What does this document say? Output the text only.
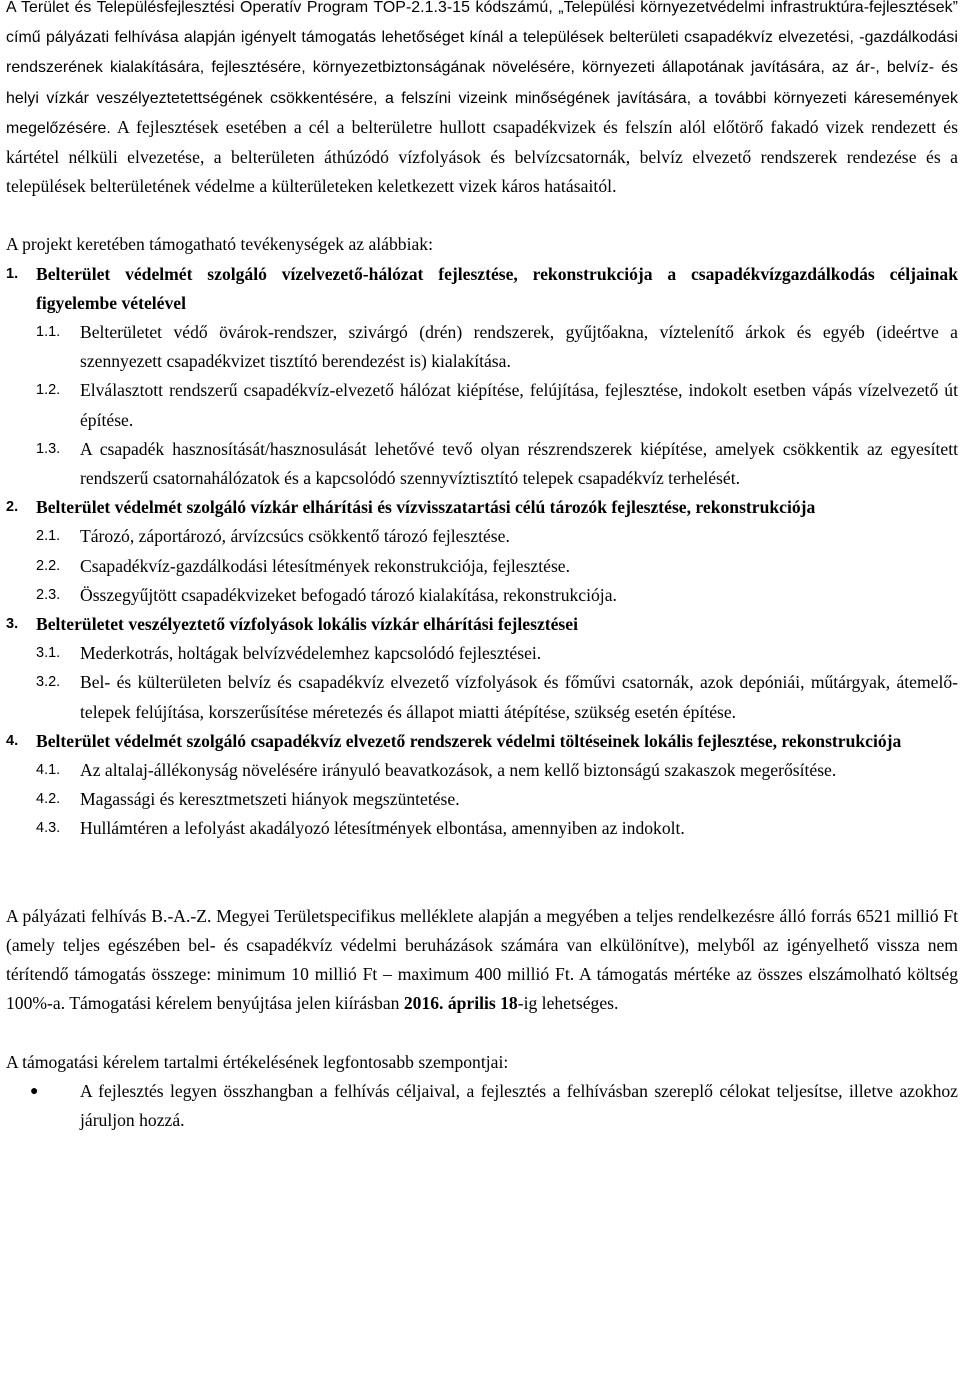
A Terület és Településfejlesztési Operatív Program TOP-2.1.3-15 kódszámú, „Települési környezetvédelmi infrastruktúra-fejlesztések” című pályázati felhívása alapján igényelt támogatás lehetőséget kínál a települések belterületi csapadékvíz elvezetési, -gazdálkodási rendszerének kialakítására, fejlesztésére, környezetbiztonságának növelésére, környezeti állapotának javítására, az ár-, belvíz- és helyi vízkár veszélyeztetettségének csökkentésére, a felszíni vizeink minőségének javítására, a további környezeti káresemények megelőzésére. A fejlesztések esetében a cél a belterületre hullott csapadékvizek és felszín alól előtörő fakadó vizek rendezett és kártétel nélküli elvezetése, a belterületen áthúzódó vízfolyások és belvízcsatornák, belvíz elvezető rendszerek rendezése és a települések belterületének védelme a külterületeken keletkezett vizek káros hatásaitól.

A projekt keretében támogatható tevékenységek az alábbiak:

1.	Belterület védelmét szolgáló vízelvezető-hálózat fejlesztése, rekonstrukciója a csapadékvízgazdálkodás céljainak figyelembe vételével
1.1.	Belterületet védő övárok-rendszer, szivárgó (drén) rendszerek, gyűjtőakna, víztelenítő árkok és egyéb (ideértve a szennyezett csapadékvizet tisztító berendezést is) kialakítása.
1.2.	Elválasztott rendszerű csapadékvíz-elvezető hálózat kiépítése, felújítása, fejlesztése, indokolt esetben vápás vízelvezető út építése.
1.3.	A csapadék hasznosítását/hasznosulását lehetővé tevő olyan részrendszerek kiépítése, amelyek csökkentik az egyesített rendszerű csatornahálózatok és a kapcsolódó szennyvíztisztító telepek csapadékvíz terhelését.
2.	Belterület védelmét szolgáló vízkár elhárítási és vízvisszatartási célú tározók fejlesztése, rekonstrukciója
2.1.	Tározó, záportározó, árvízcsúcs csökkentő tározó fejlesztése.
2.2.	Csapadékvíz-gazdálkodási létesítmények rekonstrukciója, fejlesztése.
2.3.	Összegyűjtött csapadékvizeket befogadó tározó kialakítása, rekonstrukciója.
3.	Belterületet veszélyeztető vízfolyások lokális vízkár elhárítási fejlesztései
3.1.	Mederkotrás, holtágak belvízvédelemhez kapcsolódó fejlesztései.
3.2.	Bel- és külterületen belvíz és csapadékvíz elvezető vízfolyások és főművi csatornák, azok depóniái, műtárgyak, átemelő-telepek felújítása, korszerűsítése méretezés és állapot miatti átépítése, szükség esetén építése.
4.	Belterület védelmét szolgáló csapadékvíz elvezető rendszerek védelmi töltéseinek lokális fejlesztése, rekonstrukciója
4.1.	Az altalaj-állékonyság növelésére irányuló beavatkozások, a nem kellő biztonságú szakaszok megerősítése.
4.2.	Magassági és keresztmetszeti hiányok megszüntetése.
4.3.	Hullámtéren a lefolyást akadályozó létesítmények elbontása, amennyiben az indokolt.

A pályázati felhívás B.-A.-Z. Megyei Területspecifikus melléklete alapján a megyében a teljes rendelkezésre álló forrás 6521 millió Ft (amely teljes egészében bel- és csapadékvíz védelmi beruházások számára van elkülönítve), melyből az igényelhető vissza nem térítendő támogatás összege: minimum 10 millió Ft – maximum 400 millió Ft. A támogatás mértéke az összes elszámolható költség 100%-a. Támogatási kérelem benyújtása jelen kiírásban 2016. április 18-ig lehetséges.

A támogatási kérelem tartalmi értékelésének legfontosabb szempontjai:

●	A fejlesztés legyen összhangban a felhívás céljaival, a fejlesztés a felhívásban szereplő célokat teljesítse, illetve azokhoz járuljon hozzá.
